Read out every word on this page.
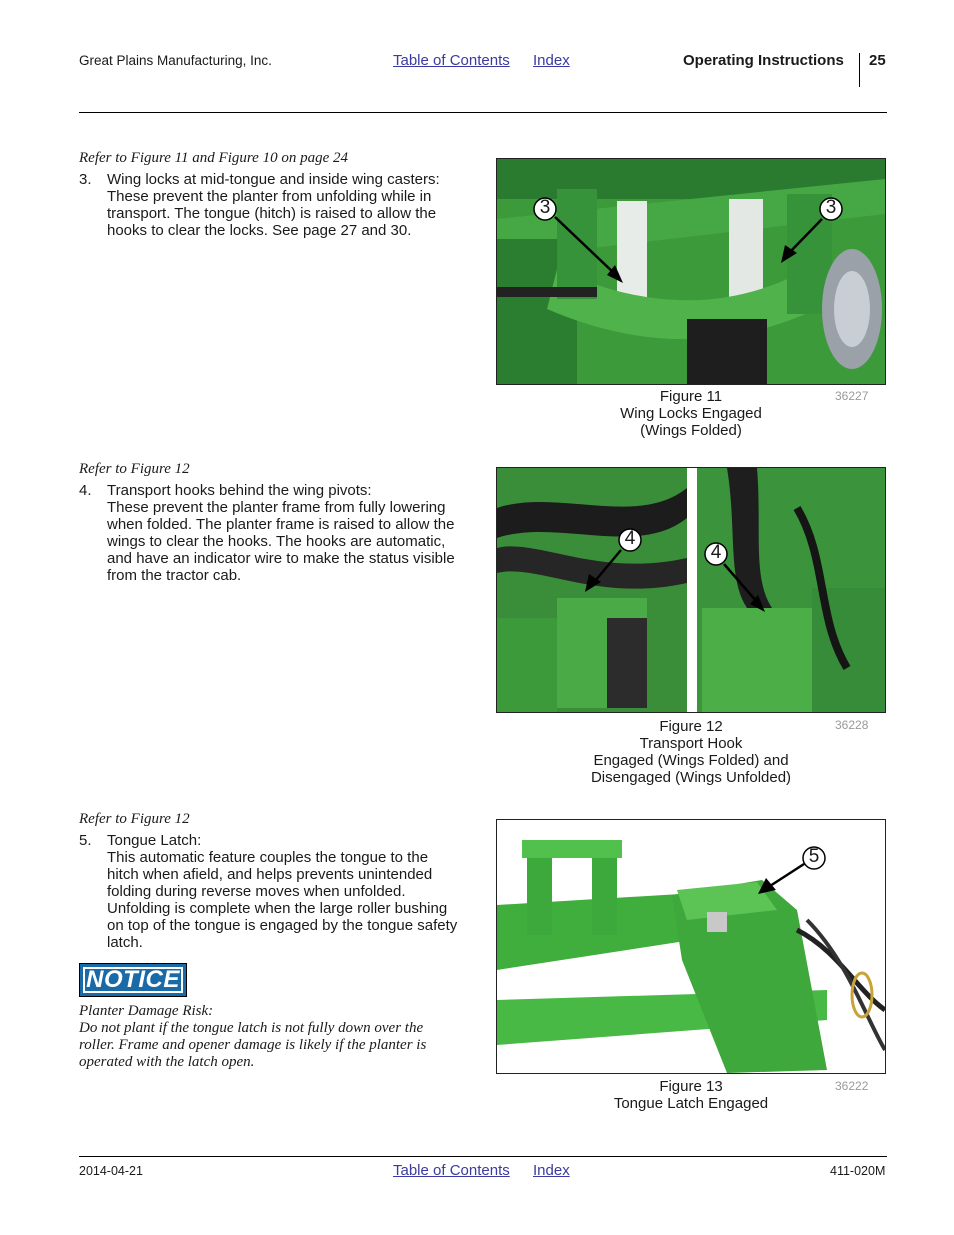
Great Plains Manufacturing, Inc.	Table of Contents Index	Operating Instructions 25
Refer to Figure 11 and Figure 10 on page 24
3. Wing locks at mid-tongue and inside wing casters:
These prevent the planter from unfolding while in
transport. The tongue (hitch) is raised to allow the
hooks to clear the locks. See page 27 and 30.
3	3
Figure 11
Wing Locks Engaged
(Wings Folded)
36227
Refer to Figure 12
4. Transport hooks behind the wing pivots:
These prevent the planter frame from fully lowering
when folded. The planter frame is raised to allow the
wings to clear the hooks. The hooks are automatic,
and have an indicator wire to make the status visible
from the tractor cab.
4
4
Figure 12
Transport Hook
Engaged (Wings Folded) and
Disengaged (Wings Unfolded)
36228
Refer to Figure 12
5. Tongue Latch:
This automatic feature couples the tongue to the
hitch when afield, and helps prevents unintended
folding during reverse moves when unfolded.
Unfolding is complete when the large roller bushing
on top of the tongue is engaged by the tongue safety
latch.
NOTICE
Planter Damage Risk:
Do not plant if the tongue latch is not fully down over the
roller. Frame and opener damage is likely if the planter is
operated with the latch open.
5
Figure 13
Tongue Latch Engaged
36222
2014-04-21	Table of Contents Index	411-020M
